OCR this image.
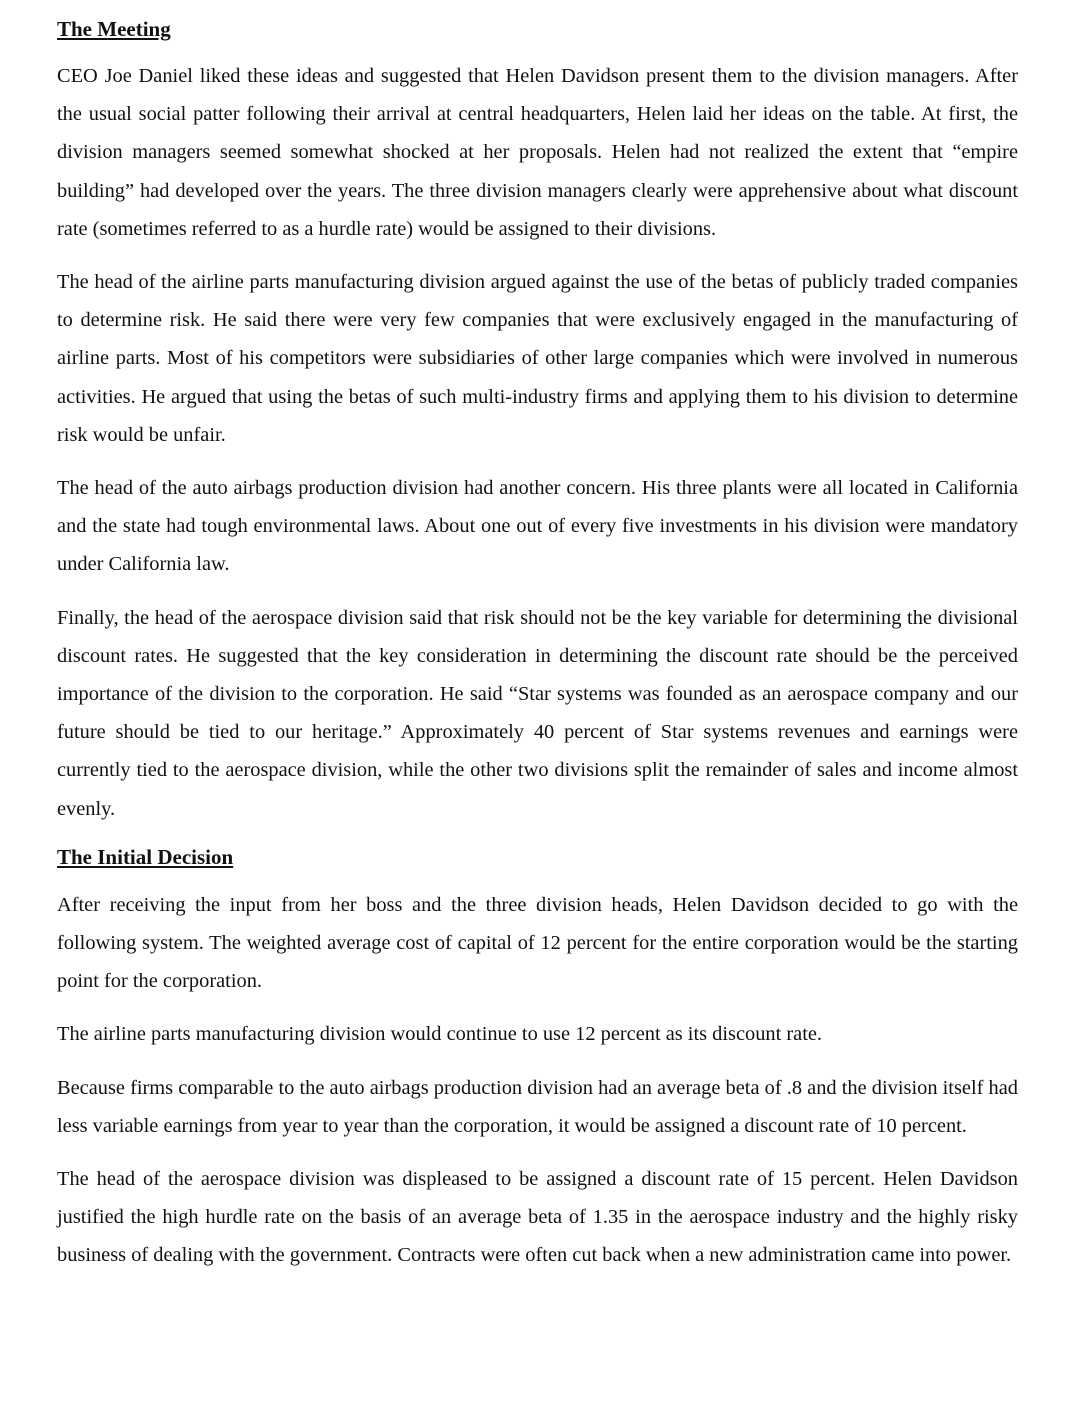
The Meeting

CEO Joe Daniel liked these ideas and suggested that Helen Davidson present them to the division managers. After the usual social patter following their arrival at central headquarters, Helen laid her ideas on the table. At first, the division managers seemed somewhat shocked at her proposals. Helen had not realized the extent that “empire building” had developed over the years. The three division managers clearly were apprehensive about what discount rate (sometimes referred to as a hurdle rate) would be assigned to their divisions.

The head of the airline parts manufacturing division argued against the use of the betas of publicly traded companies to determine risk. He said there were very few companies that were exclusively engaged in the manufacturing of airline parts. Most of his competitors were subsidiaries of other large companies which were involved in numerous activities. He argued that using the betas of such multi-industry firms and applying them to his division to determine risk would be unfair.

The head of the auto airbags production division had another concern. His three plants were all located in California and the state had tough environmental laws. About one out of every five investments in his division were mandatory under California law.

Finally, the head of the aerospace division said that risk should not be the key variable for determining the divisional discount rates. He suggested that the key consideration in determining the discount rate should be the perceived importance of the division to the corporation. He said “Star systems was founded as an aerospace company and our future should be tied to our heritage.” Approximately 40 percent of Star systems revenues and earnings were currently tied to the aerospace division, while the other two divisions split the remainder of sales and income almost evenly.

The Initial Decision

After receiving the input from her boss and the three division heads, Helen Davidson decided to go with the following system. The weighted average cost of capital of 12 percent for the entire corporation would be the starting point for the corporation.

The airline parts manufacturing division would continue to use 12 percent as its discount rate.

Because firms comparable to the auto airbags production division had an average beta of .8 and the division itself had less variable earnings from year to year than the corporation, it would be assigned a discount rate of 10 percent.

The head of the aerospace division was displeased to be assigned a discount rate of 15 percent. Helen Davidson justified the high hurdle rate on the basis of an average beta of 1.35 in the aerospace industry and the highly risky business of dealing with the government. Contracts were often cut back when a new administration came into power.
